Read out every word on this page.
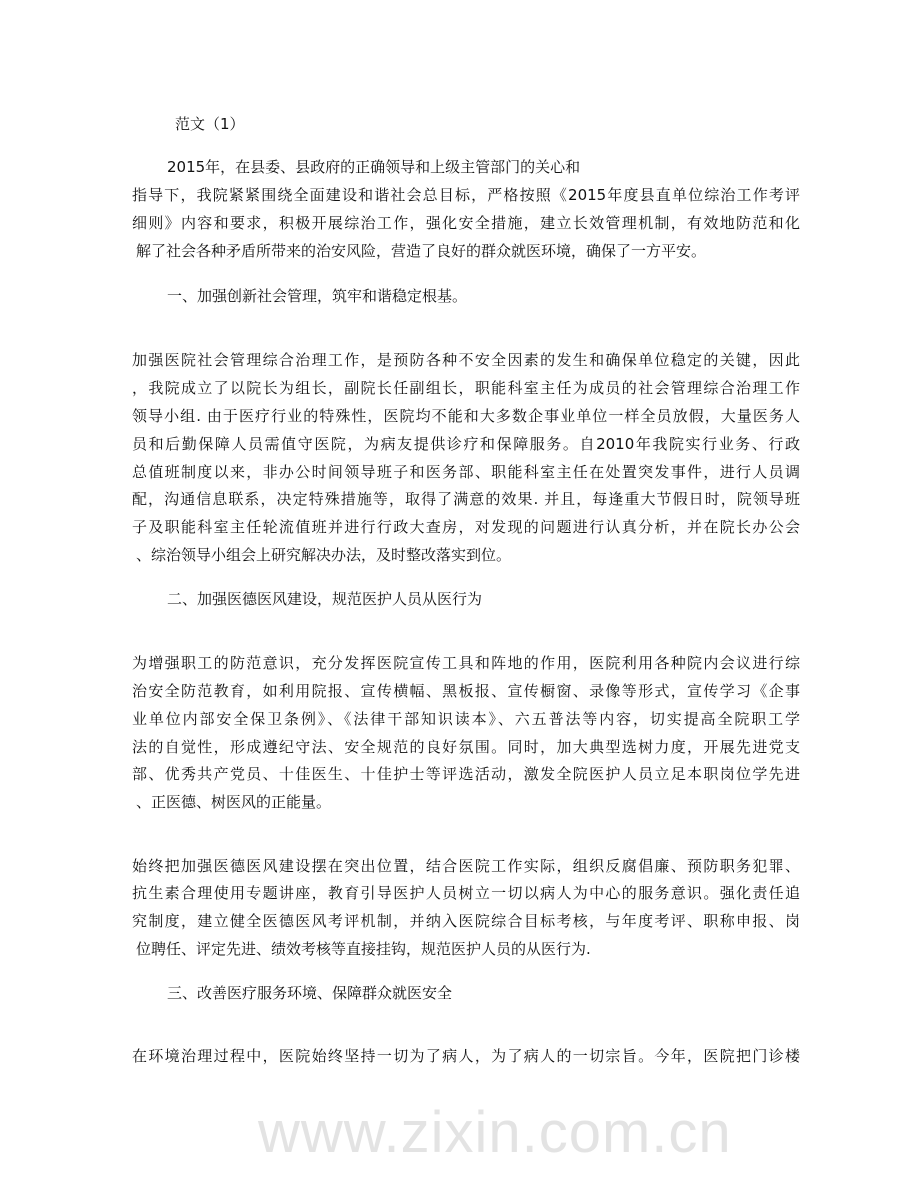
www.zixin.com.cn
范文（1）
2015年，在县委、县政府的正确领导和上级主管部门的关心和
指导下，我院紧紧围绕全面建设和谐社会总目标，严格按照《2015年度县直单位综治工作考评
细则》内容和要求，积极开展综治工作，强化安全措施，建立长效管理机制，有效地防范和化
解了社会各种矛盾所带来的治安风险，营造了良好的群众就医环境，确保了一方平安。
一、加强创新社会管理，筑牢和谐稳定根基。
加强医院社会管理综合治理工作，是预防各种不安全因素的发生和确保单位稳定的关键，因此
，我院成立了以院长为组长，副院长任副组长，职能科室主任为成员的社会管理综合治理工作
领导小组. 由于医疗行业的特殊性，医院均不能和大多数企事业单位一样全员放假，大量医务人
员和后勤保障人员需值守医院，为病友提供诊疗和保障服务。自2010年我院实行业务、行政
总值班制度以来，非办公时间领导班子和医务部、职能科室主任在处置突发事件，进行人员调
配，沟通信息联系，决定特殊措施等，取得了满意的效果. 并且，每逢重大节假日时，院领导班
子及职能科室主任轮流值班并进行行政大查房，对发现的问题进行认真分析，并在院长办公会
、综治领导小组会上研究解决办法，及时整改落实到位。
二、加强医德医风建设，规范医护人员从医行为
为增强职工的防范意识，充分发挥医院宣传工具和阵地的作用，医院利用各种院内会议进行综
治安全防范教育，如利用院报、宣传横幅、黑板报、宣传橱窗、录像等形式，宣传学习《企事
业单位内部安全保卫条例》、《法律干部知识读本》、六五普法等内容，切实提高全院职工学
法的自觉性，形成遵纪守法、安全规范的良好氛围。同时，加大典型选树力度，开展先进党支
部、优秀共产党员、十佳医生、十佳护士等评选活动，激发全院医护人员立足本职岗位学先进
、正医德、树医风的正能量。
始终把加强医德医风建设摆在突出位置，结合医院工作实际，组织反腐倡廉、预防职务犯罪、
抗生素合理使用专题讲座，教育引导医护人员树立一切以病人为中心的服务意识。强化责任追
究制度，建立健全医德医风考评机制，并纳入医院综合目标考核，与年度考评、职称申报、岗
位聘任、评定先进、绩效考核等直接挂钩，规范医护人员的从医行为.
三、改善医疗服务环境、保障群众就医安全
在环境治理过程中，医院始终坚持一切为了病人，为了病人的一切宗旨。今年，医院把门诊楼
